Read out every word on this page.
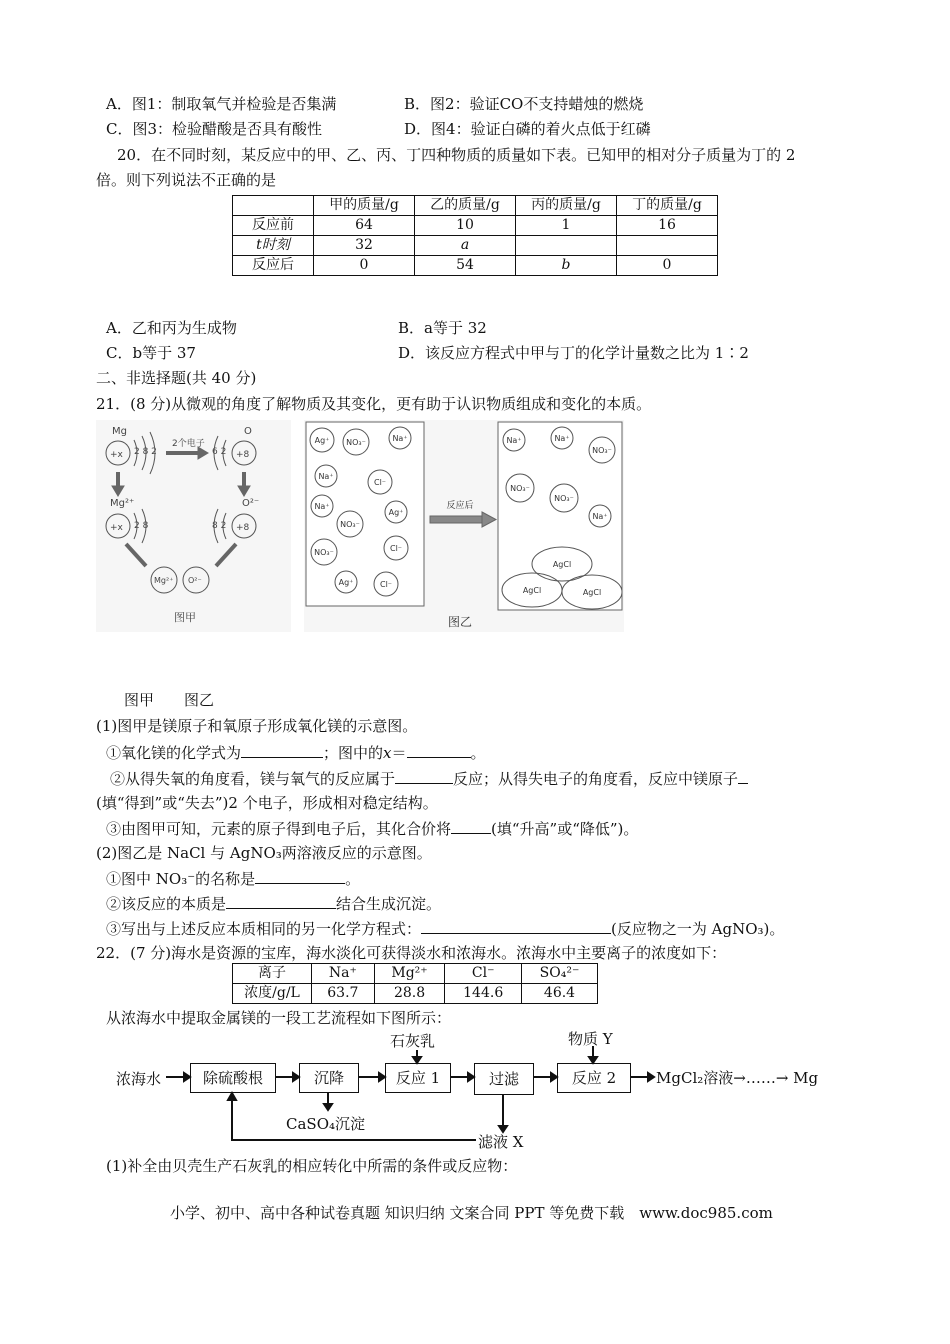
A．图1：制取氧气并检验是否集满	B．图2：验证CO不支持蜡烛的燃烧
C．图3：检验醋酸是否具有酸性	D．图4：验证白磷的着火点低于红磷
20．在不同时刻，某反应中的甲、乙、丙、丁四种物质的质量如下表。已知甲的相对分子质量为丁的 2
倍。则下列说法不正确的是
	甲的质量/g	乙的质量/g	丙的质量/g	丁的质量/g
反应前	64	10	1	16
t时刻	32	a		
反应后	0	54	b	0
A．乙和丙为生成物	B．a等于 32
C．b等于 37	D．该反应方程式中甲与丁的化学计量数之比为 1∶2
二、非选择题(共 40 分)
21．(8 分)从微观的角度了解物质及其变化，更有助于认识物质组成和变化的本质。
Mg	O
2个电子
Mg²⁺	O²⁻
+x	+8
2 8 2	6 2
+x	+8
2 8	8 2
Mg²⁺ O²⁻
图甲
Ag⁺ NO₃⁻	Na⁺
Na⁺
Cl⁻
Na⁺
NO₃⁻
Ag⁺
NO₃⁻	Cl⁻
Ag⁺	Cl⁻
Na⁺	Na⁺
NO₃⁻
NO₃⁻
NO₃⁻
Na⁺
AgCl
AgCl	AgCl
反应后
图乙
图甲　　图乙
(1)图甲是镁原子和氧原子形成氧化镁的示意图。
①氧化镁的化学式为	；图中的x＝	。
②从得失氧的角度看，镁与氧气的反应属于	反应；从得失电子的角度看，反应中镁原子
(填“得到”或“失去”)2 个电子，形成相对稳定结构。
③由图甲可知，元素的原子得到电子后，其化合价将	(填“升高”或“降低”)。
(2)图乙是 NaCl 与 AgNO₃两溶液反应的示意图。
①图中 NO₃⁻的名称是	。
②该反应的本质是	结合生成沉淀。
③写出与上述反应本质相同的另一化学方程式：	(反应物之一为 AgNO₃)。
22．(7 分)海水是资源的宝库，海水淡化可获得淡水和浓海水。浓海水中主要离子的浓度如下：
离子	Na⁺	Mg²⁺	Cl⁻	SO₄²⁻
浓度/g/L	63.7	28.8	144.6	46.4
从浓海水中提取金属镁的一段工艺流程如下图所示：
石灰乳	物质 Y
浓海水	除硫酸根	沉降	反应 1	过滤	反应 2	MgCl₂溶液→……→ Mg
CaSO₄沉淀
滤液 X
(1)补全由贝壳生产石灰乳的相应转化中所需的条件或反应物：
小学、初中、高中各种试卷真题 知识归纳 文案合同 PPT 等免费下载　www.doc985.com
